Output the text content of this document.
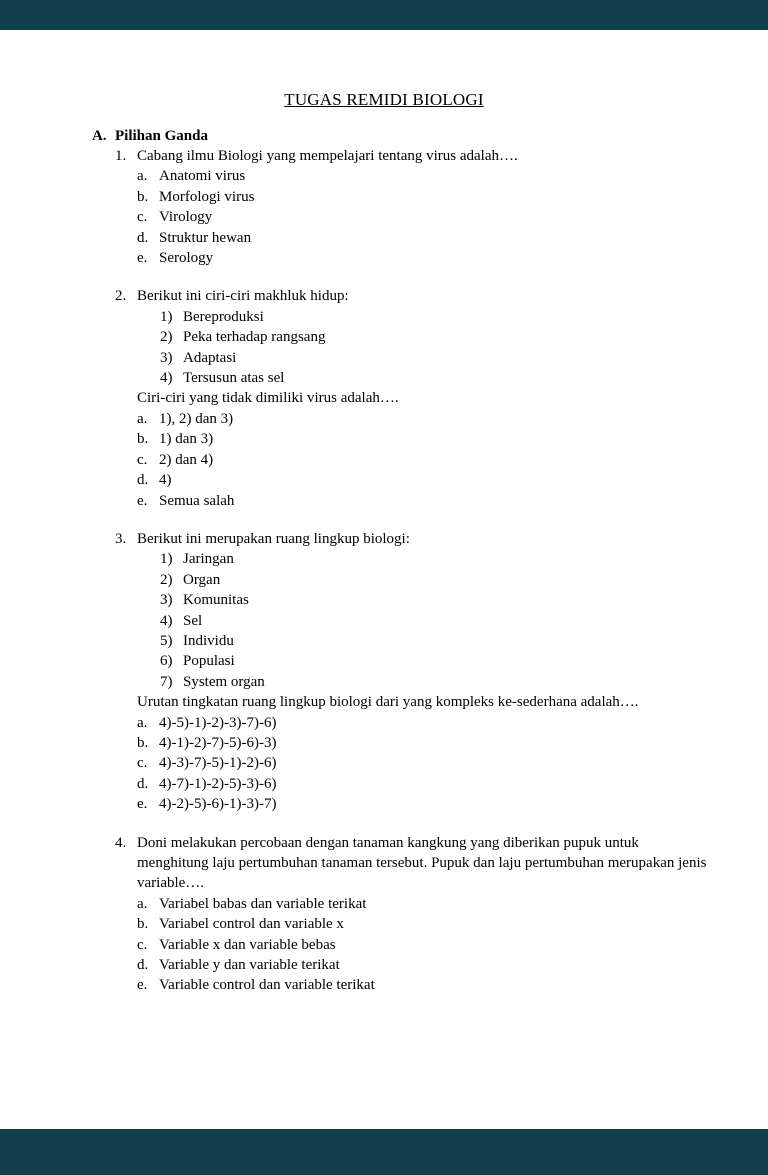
TUGAS REMIDI BIOLOGI
A. Pilihan Ganda
1. Cabang ilmu Biologi yang mempelajari tentang virus adalah….
a. Anatomi virus
b. Morfologi virus
c. Virology
d. Struktur hewan
e. Serology
2. Berikut ini ciri-ciri makhluk hidup:
1) Bereproduksi
2) Peka terhadap rangsang
3) Adaptasi
4) Tersusun atas sel
Ciri-ciri yang tidak dimiliki virus adalah….
a. 1), 2) dan 3)
b. 1) dan 3)
c. 2) dan 4)
d. 4)
e. Semua salah
3. Berikut ini merupakan ruang lingkup biologi:
1) Jaringan
2) Organ
3) Komunitas
4) Sel
5) Individu
6) Populasi
7) System organ
Urutan tingkatan ruang lingkup biologi dari yang kompleks ke-sederhana adalah….
a. 4)-5)-1)-2)-3)-7)-6)
b. 4)-1)-2)-7)-5)-6)-3)
c. 4)-3)-7)-5)-1)-2)-6)
d. 4)-7)-1)-2)-5)-3)-6)
e. 4)-2)-5)-6)-1)-3)-7)
4. Doni melakukan percobaan dengan tanaman kangkung yang diberikan pupuk untuk menghitung laju pertumbuhan tanaman tersebut. Pupuk dan laju pertumbuhan merupakan jenis variable….
a. Variabel babas dan variable terikat
b. Variabel control dan variable x
c. Variable x dan variable bebas
d. Variable y dan variable terikat
e. Variable control dan variable terikat
